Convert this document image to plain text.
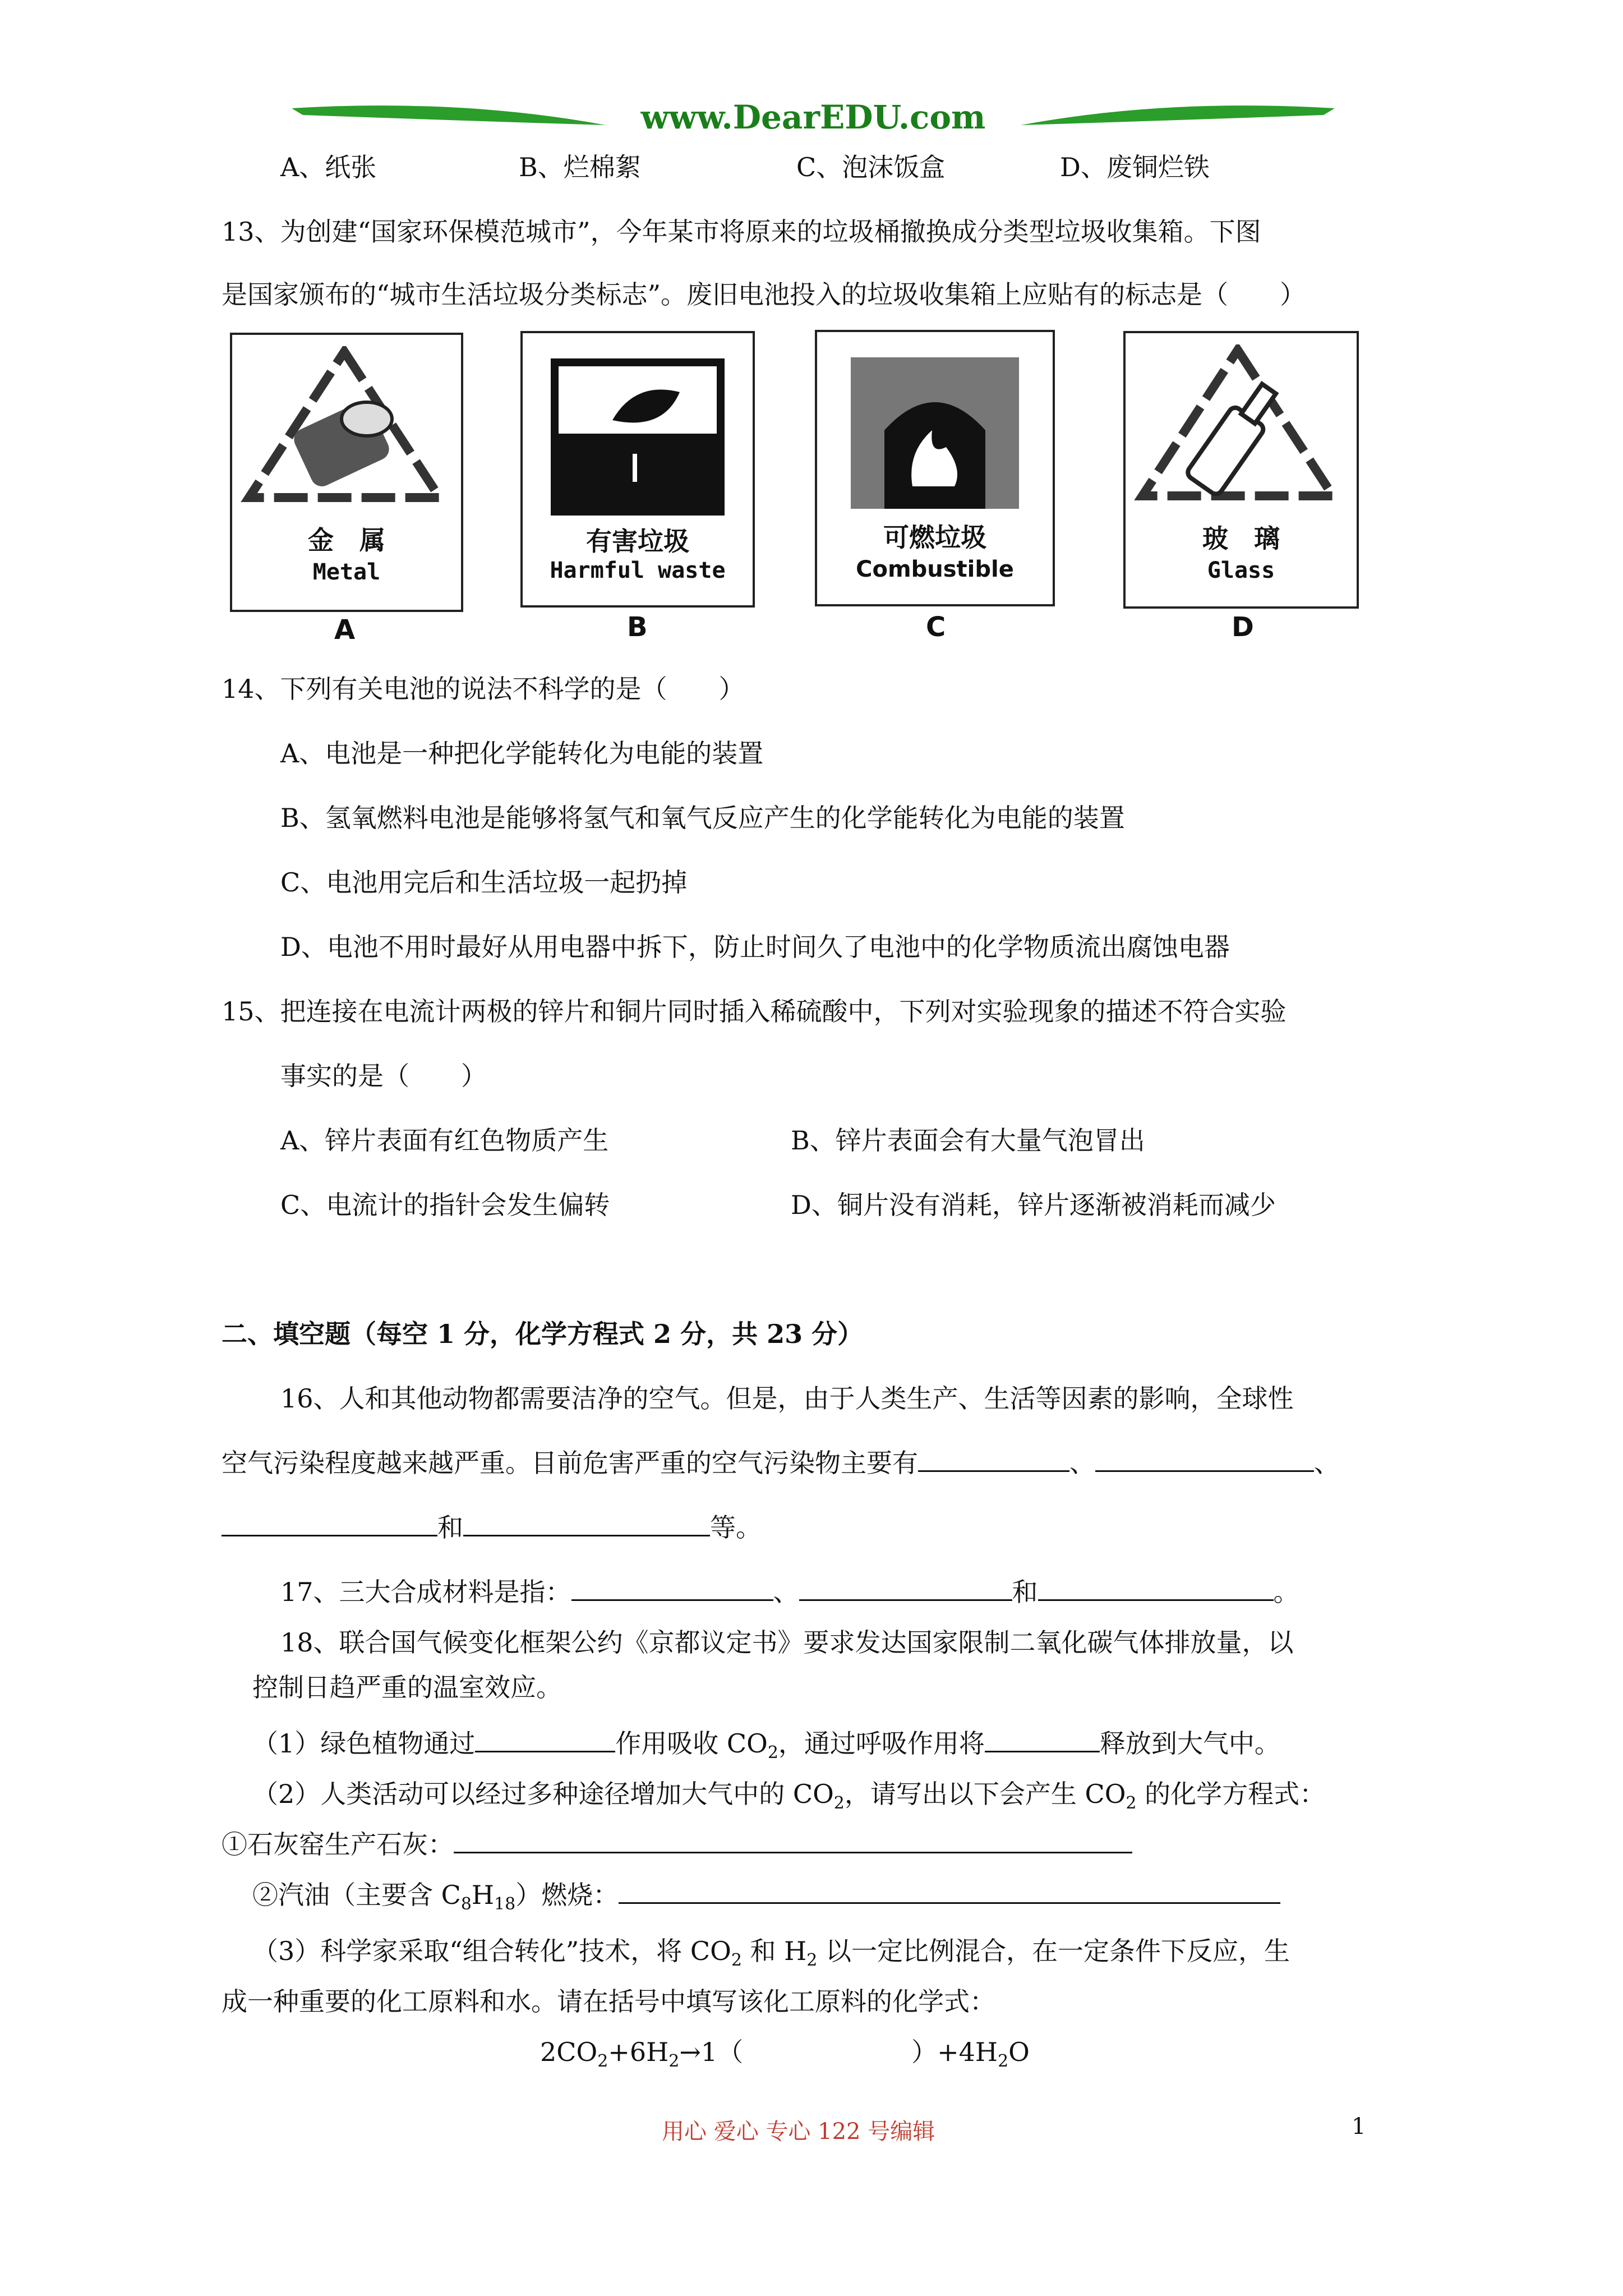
www.DearEDU.com
A、纸张	B、烂棉絮	C、泡沫饭盒	D、废铜烂铁
13、为创建“国家环保模范城市”，今年某市将原来的垃圾桶撤换成分类型垃圾收集箱。下图
是国家颁布的“城市生活垃圾分类标志”。废旧电池投入的垃圾收集箱上应贴有的标志是（　　）
金　属
Metal
A
有害垃圾
Harmful waste
B
可燃垃圾
Combustible
C
玻　璃
Glass
D
14、下列有关电池的说法不科学的是（　　）
A、电池是一种把化学能转化为电能的装置
B、氢氧燃料电池是能够将氢气和氧气反应产生的化学能转化为电能的装置
C、电池用完后和生活垃圾一起扔掉
D、电池不用时最好从用电器中拆下，防止时间久了电池中的化学物质流出腐蚀电器
15、把连接在电流计两极的锌片和铜片同时插入稀硫酸中，下列对实验现象的描述不符合实验
事实的是（　　）
A、锌片表面有红色物质产生	B、锌片表面会有大量气泡冒出
C、电流计的指针会发生偏转	D、铜片没有消耗，锌片逐渐被消耗而减少
二、填空题（每空 1 分，化学方程式 2 分，共 23 分）
16、人和其他动物都需要洁净的空气。但是，由于人类生产、生活等因素的影响，全球性
空气污染程度越来越严重。目前危害严重的空气污染物主要有	、	、
和	等。
17、三大合成材料是指：	、	和	。
18、联合国气候变化框架公约《京都议定书》要求发达国家限制二氧化碳气体排放量，以
控制日趋严重的温室效应。
（1）绿色植物通过	作用吸收 $CO_2$，通过呼吸作用将	释放到大气中。
（2）人类活动可以经过多种途径增加大气中的 $CO_2$，请写出以下会产生 $CO_2$ 的化学方程式：
①石灰窑生产石灰：
②汽油（主要含 $C_8H_{18}$）燃烧：
（3）科学家采取“组合转化”技术，将 $CO_2$ 和 $H_2$ 以一定比例混合，在一定条件下反应，生
成一种重要的化工原料和水。请在括号中填写该化工原料的化学式：
$2CO_2+6H_2\to 1$（	）$+4H_2O$
用心 爱心 专心 122 号编辑	1
